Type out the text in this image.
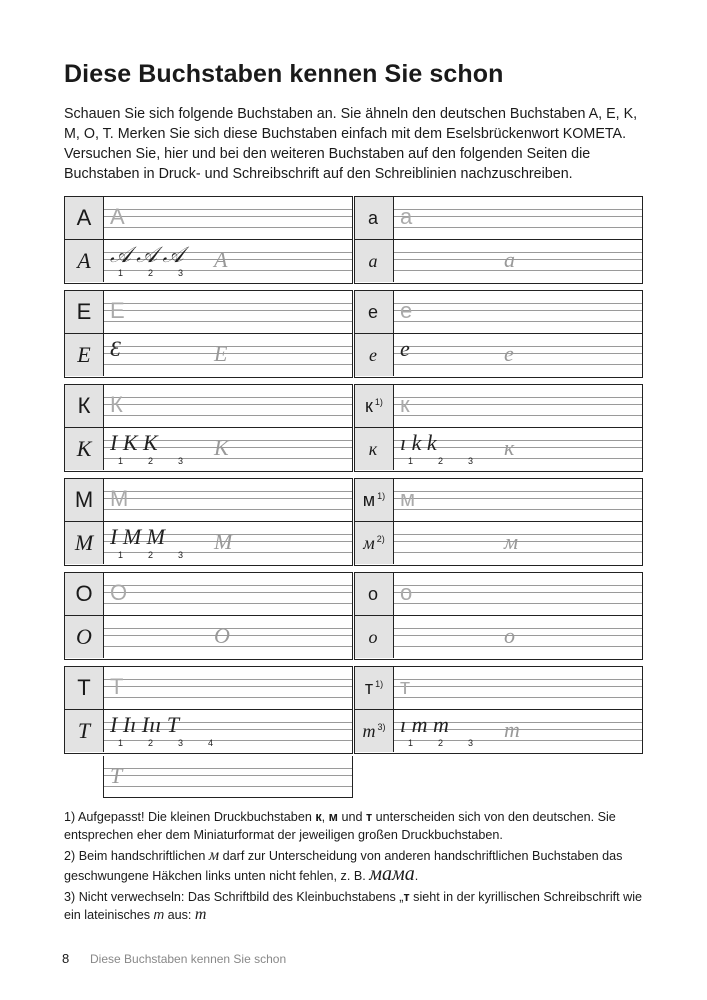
Diese Buchstaben kennen Sie schon

Schauen Sie sich folgende Buchstaben an. Sie ähneln den deutschen Buchstaben A, E, K, M, O, T. Merken Sie sich diese Buchstaben einfach mit dem Eselsbrückenwort KOMETA. Versuchen Sie, hier und bei den weiteren Buchstaben auf den folgenden Seiten die Buchstaben in Druck- und Schreibschrift auf den Schreiblinien nachzuschreiben.

А А
А 𝒜 𝒜 𝒜 А
1	2	3
а a
а	a
Е Е
Е Ɛ	Е
е e
е e	e
К К
К I K K	К
1	2	3
$к^{1)}$ к
к ı k k	к
1	2	3
М М
М I M M М
1	2	3
$м^{1)}$ м
$м^{2)}$	м
О О
О	О
о о
о	о
Т Т
Т I Iı Iıı Т
1	2	3	4
$т^{1)}$ т
$т^{3)}$ ı т т	т
1	2	3
Т

1) Aufgepasst! Die kleinen Druckbuchstaben к, м und т unterscheiden sich von den deutschen. Sie entsprechen eher dem Miniaturformat der jeweiligen großen Druckbuchstaben.

2) Beim handschriftlichen м darf zur Unterscheidung von anderen handschriftlichen Buchstaben das geschwungene Häkchen links unten nicht fehlen, z. B. мама.

3) Nicht verwechseln: Das Schriftbild des Kleinbuchstabens „т sieht in der kyrillischen Schreibschrift wie ein lateinisches m aus: т

8 Diese Buchstaben kennen Sie schon
